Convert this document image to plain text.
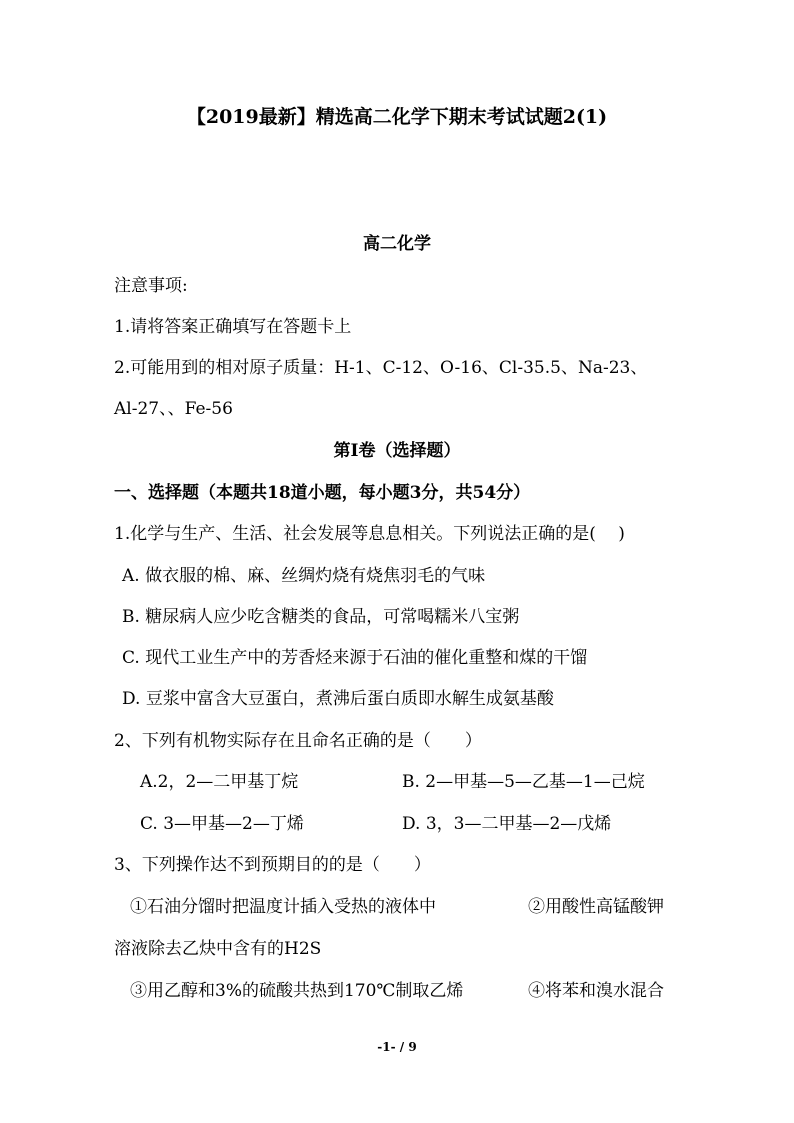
【2019最新】精选高二化学下期末考试试题2(1)
高二化学
注意事项:
1.请将答案正确填写在答题卡上
2.可能用到的相对原子质量：H-1、C-12、O-16、Cl-35.5、Na-23、
Al-27、、Fe-56
第Ⅰ卷（选择题）
一、选择题（本题共18道小题，每小题3分，共54分）
1.化学与生产、生活、社会发展等息息相关。下列说法正确的是(　 )
A. 做衣服的棉、麻、丝绸灼烧有烧焦羽毛的气味
B. 糖尿病人应少吃含糖类的食品，可常喝糯米八宝粥
C. 现代工业生产中的芳香烃来源于石油的催化重整和煤的干馏
D. 豆浆中富含大豆蛋白，煮沸后蛋白质即水解生成氨基酸
2、下列有机物实际存在且命名正确的是（　　）
A.2，2—二甲基丁烷	B. 2—甲基—5—乙基—1—己烷
C. 3—甲基—2—丁烯	D. 3，3—二甲基—2—戊烯
3、下列操作达不到预期目的的是（　　）
①石油分馏时把温度计插入受热的液体中	②用酸性高锰酸钾
溶液除去乙炔中含有的H2S
③用乙醇和3%的硫酸共热到170℃制取乙烯	④将苯和溴水混合
-1- / 9
